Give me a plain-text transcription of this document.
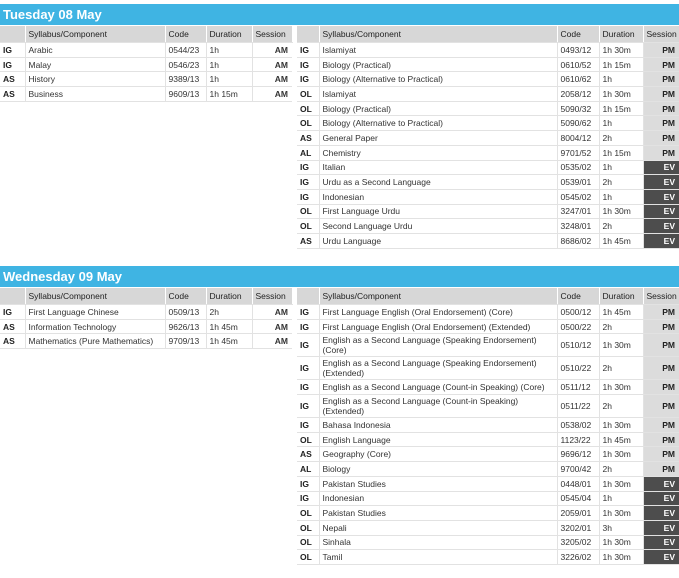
Tuesday 08 May
	Syllabus/Component	Code	Duration	Session
IG	Arabic	0544/23	1h	AM
IG	Malay	0546/23	1h	AM
AS	History	9389/13	1h	AM
AS	Business	9609/13	1h 15m	AM
	Syllabus/Component	Code	Duration	Session
IG	Islamiyat	0493/12	1h 30m	PM
IG	Biology (Practical)	0610/52	1h 15m	PM
IG	Biology (Alternative to Practical)	0610/62	1h	PM
OL	Islamiyat	2058/12	1h 30m	PM
OL	Biology (Practical)	5090/32	1h 15m	PM
OL	Biology (Alternative to Practical)	5090/62	1h	PM
AS	General Paper	8004/12	2h	PM
AL	Chemistry	9701/52	1h 15m	PM
IG	Italian	0535/02	1h	EV
IG	Urdu as a Second Language	0539/01	2h	EV
IG	Indonesian	0545/02	1h	EV
OL	First Language Urdu	3247/01	1h 30m	EV
OL	Second Language Urdu	3248/01	2h	EV
AS	Urdu Language	8686/02	1h 45m	EV
Wednesday 09 May
	Syllabus/Component	Code	Duration	Session
IG	First Language Chinese	0509/13	2h	AM
AS	Information Technology	9626/13	1h 45m	AM
AS	Mathematics (Pure Mathematics)	9709/13	1h 45m	AM
	Syllabus/Component	Code	Duration	Session
IG	First Language English (Oral Endorsement) (Core)	0500/12	1h 45m	PM
IG	First Language English (Oral Endorsement) (Extended)	0500/22	2h	PM
IG	English as a Second Language (Speaking Endorsement) (Core)	0510/12	1h 30m	PM
IG	English as a Second Language (Speaking Endorsement) (Extended)	0510/22	2h	PM
IG	English as a Second Language (Count-in Speaking) (Core)	0511/12	1h 30m	PM
IG	English as a Second Language (Count-in Speaking) (Extended)	0511/22	2h	PM
IG	Bahasa Indonesia	0538/02	1h 30m	PM
OL	English Language	1123/22	1h 45m	PM
AS	Geography (Core)	9696/12	1h 30m	PM
AL	Biology	9700/42	2h	PM
IG	Pakistan Studies	0448/01	1h 30m	EV
IG	Indonesian	0545/04	1h	EV
OL	Pakistan Studies	2059/01	1h 30m	EV
OL	Nepali	3202/01	3h	EV
OL	Sinhala	3205/02	1h 30m	EV
OL	Tamil	3226/02	1h 30m	EV
